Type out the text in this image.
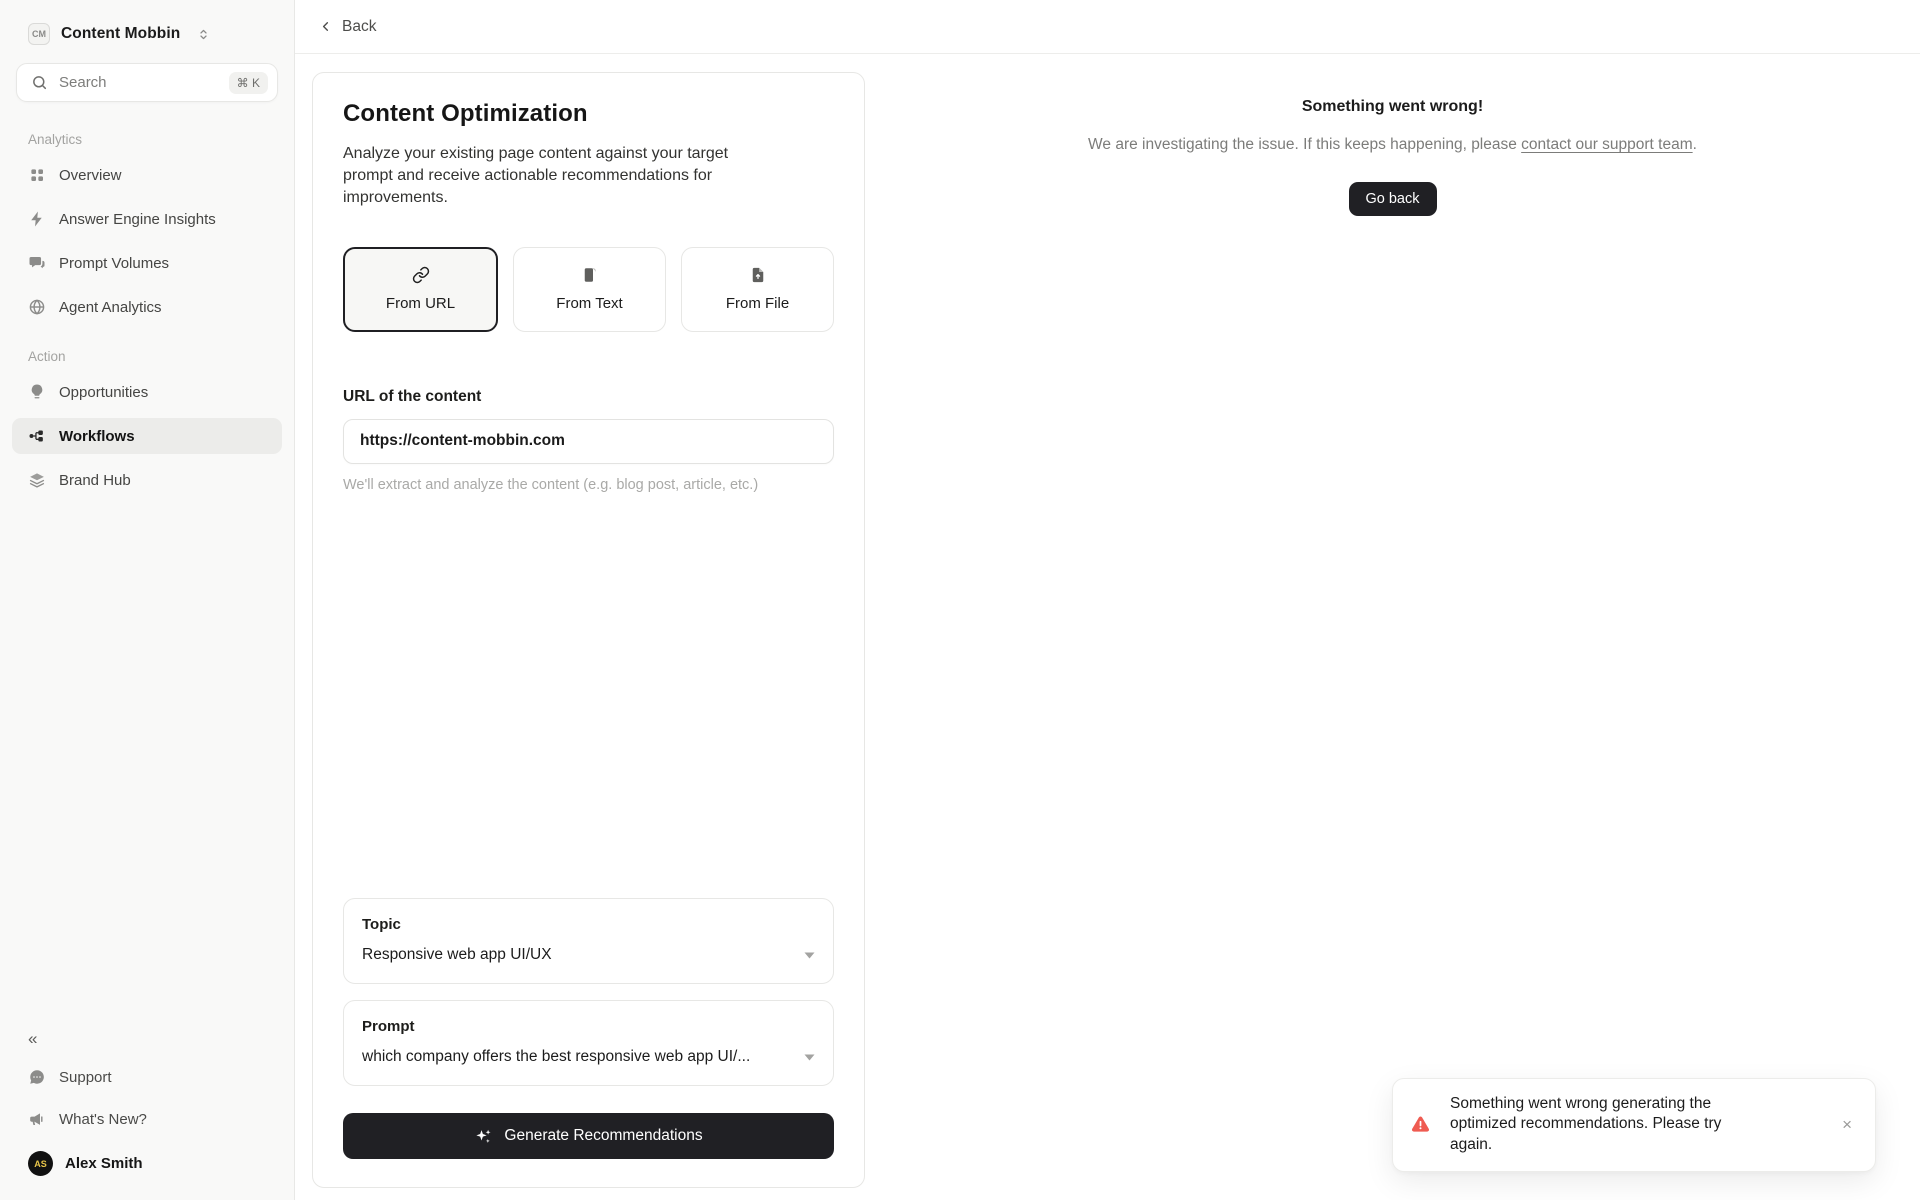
CM Content Mobbin
Search	⌘ K
Analytics
Overview
Answer Engine Insights
Prompt Volumes
Agent Analytics
Action
Opportunities
Workflows
Brand Hub
«
Support
What's New?
AS	Alex Smith
Back
Content Optimization

Analyze your existing page content against your target prompt and receive actionable recommendations for improvements.

From URL	From Text	From File
URL of the content
https://content-mobbin.com
We'll extract and analyze the content (e.g. blog post, article, etc.)
Topic
Responsive web app UI/UX
Prompt
which company offers the best responsive web app UI/...
Generate Recommendations
Something went wrong!
We are investigating the issue. If this keeps happening, please contact our support team.
Go back
Something went wrong generating the optimized recommendations. Please try again.
×
